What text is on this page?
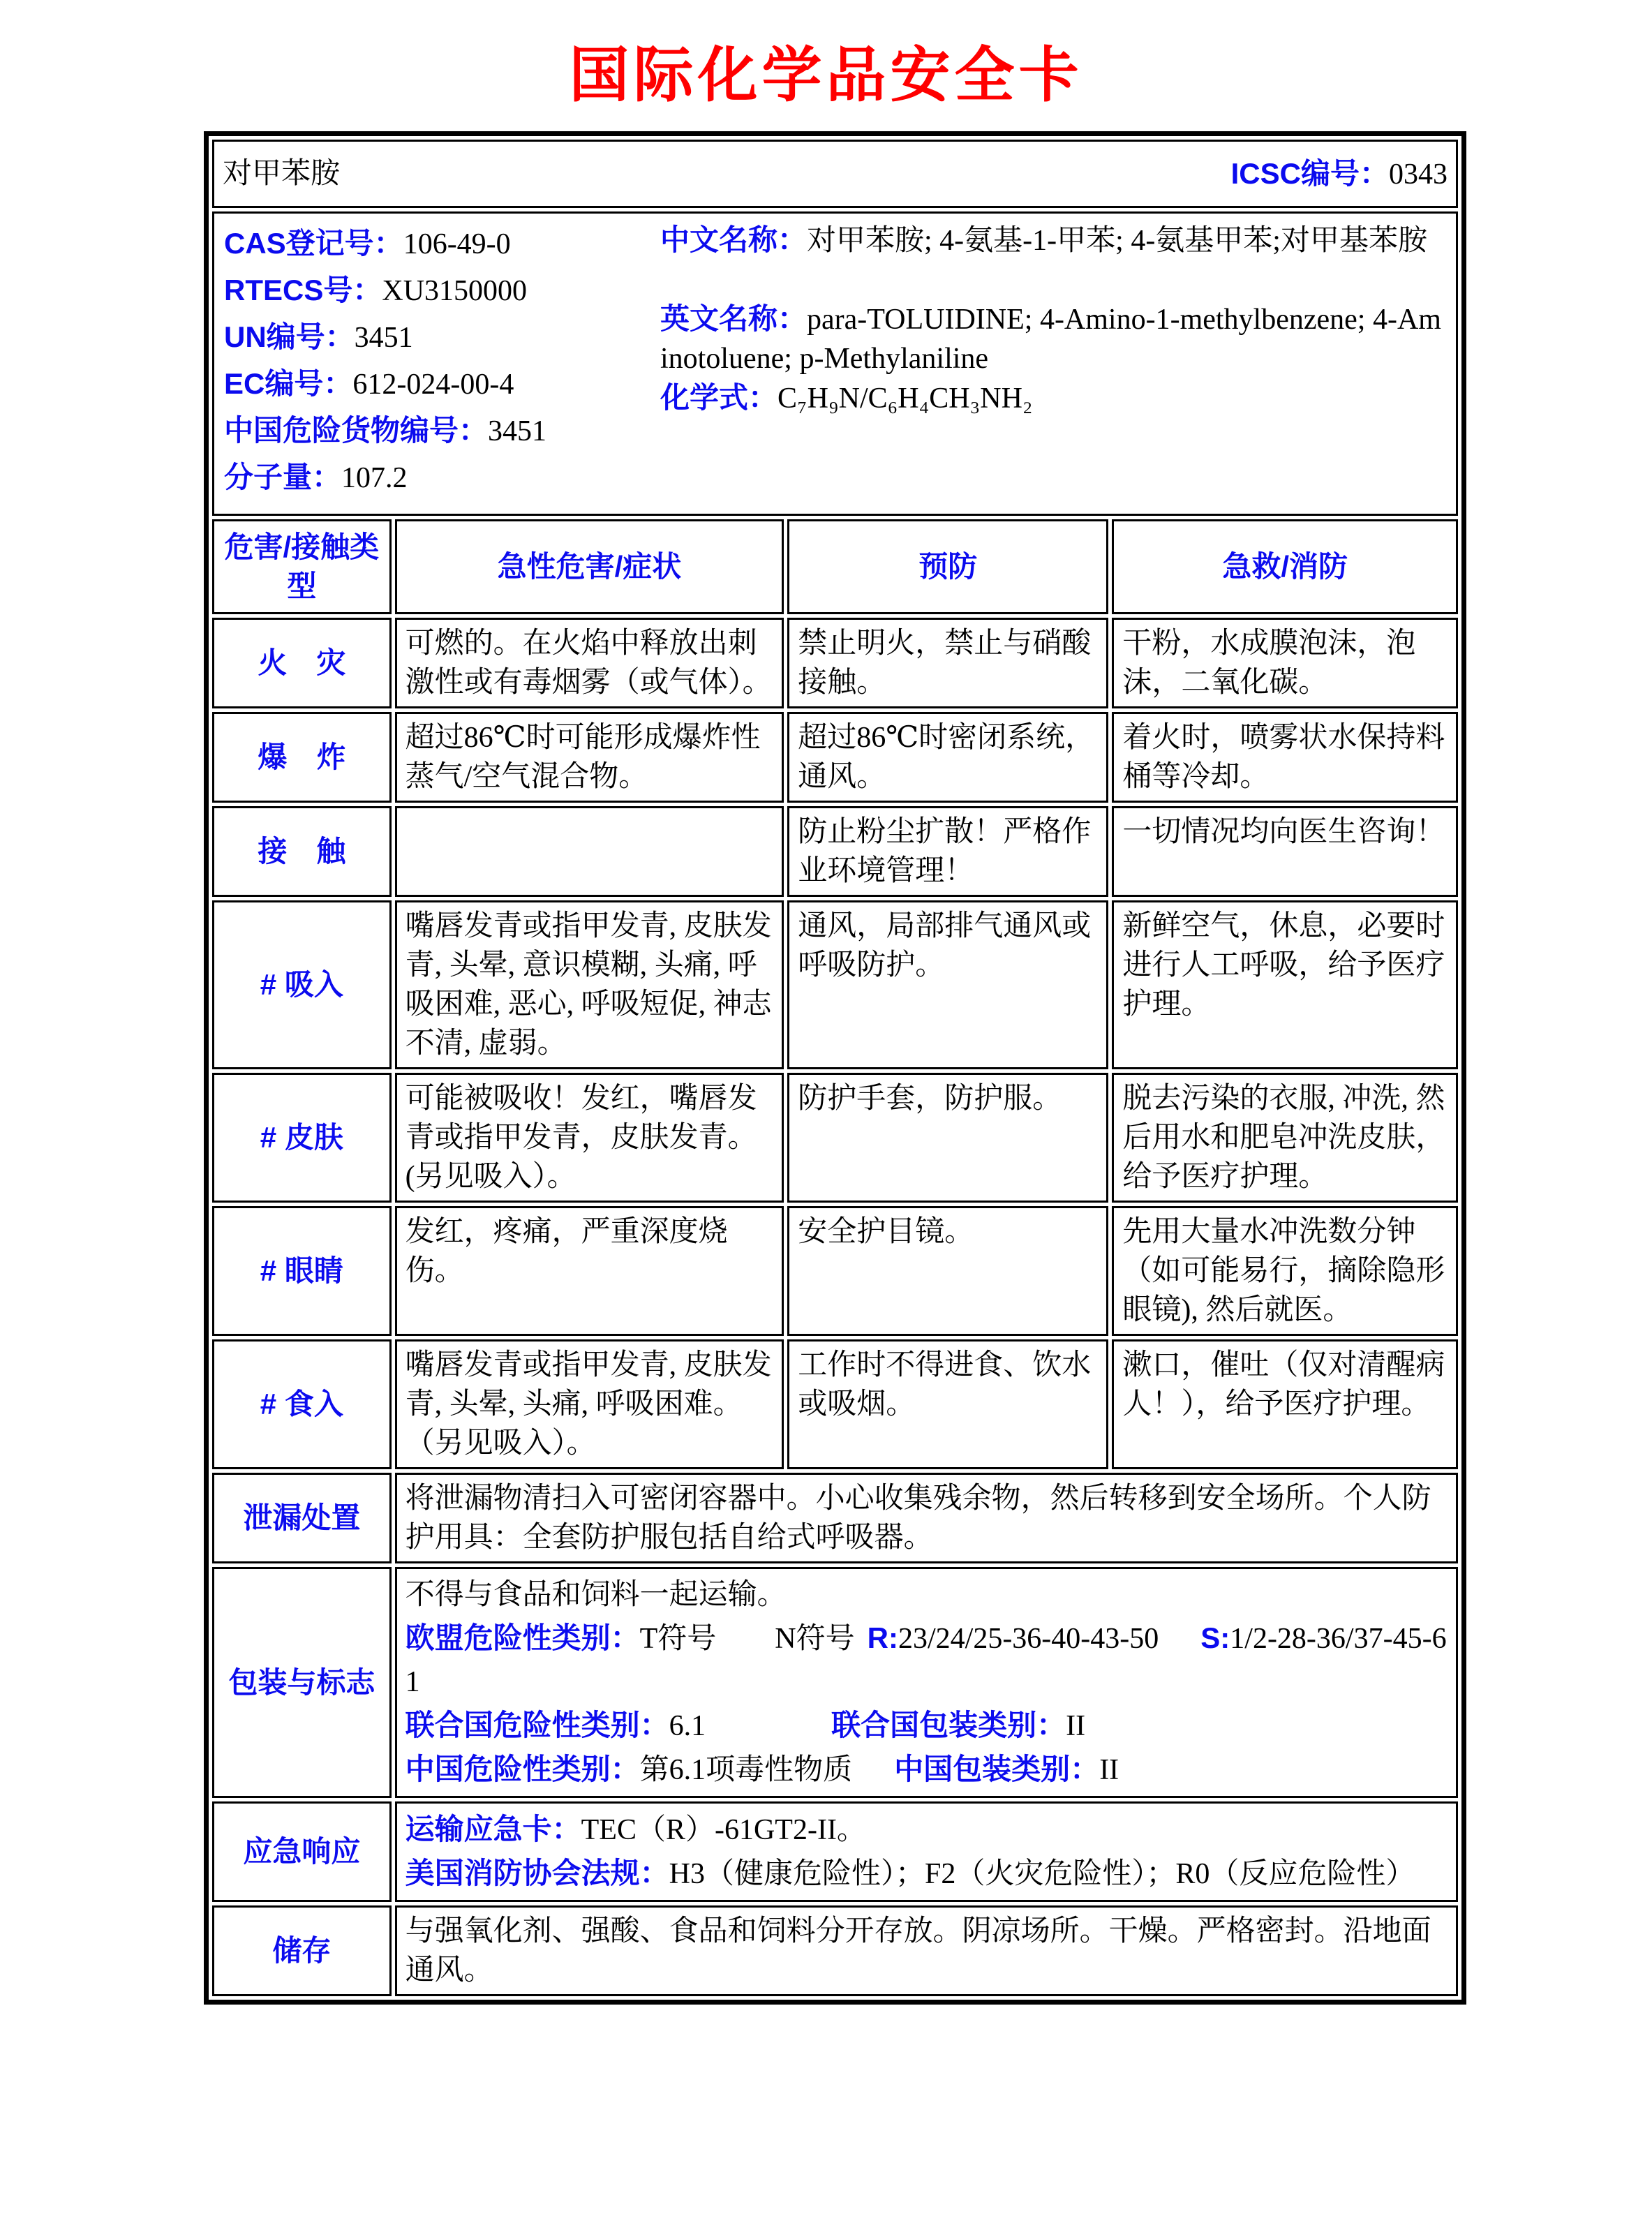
国际化学品安全卡
对甲苯胺 ICSC编号：0343			

CAS登记号：106-49-0
RTECS号：XU3150000
UN编号：3451
EC编号：612-024-00-4
中国危险货物编号：3451
分子量：107.2

中文名称：对甲苯胺; 4-氨基-1-甲苯; 4-氨基甲苯;对甲基苯胺

英文名称：para-TOLUIDINE; 4-Amino-1-methylbenzene; 4-Aminotoluene; p-Methylaniline

化学式：C₇H₉N/C₆H₄CH₃NH₂

危害/接触类型	急性危害/症状	预防	急救/消防
火　灾	可燃的。在火焰中释放出刺激性或有毒烟雾（或气体）。	禁止明火，禁止与硝酸接触。	干粉，水成膜泡沫，泡沫，二氧化碳。
爆　炸	超过86℃时可能形成爆炸性蒸气/空气混合物。	超过86℃时密闭系统，通风。	着火时，喷雾状水保持料桶等冷却。
接　触		防止粉尘扩散！严格作业环境管理！	一切情况均向医生咨询！
# 吸入	嘴唇发青或指甲发青, 皮肤发青, 头晕, 意识模糊, 头痛, 呼吸困难, 恶心, 呼吸短促, 神志不清, 虚弱。	通风，局部排气通风或呼吸防护。	新鲜空气，休息，必要时进行人工呼吸，给予医疗护理。
# 皮肤	可能被吸收！发红，嘴唇发青或指甲发青，皮肤发青。(另见吸入）。	防护手套，防护服。	脱去污染的衣服, 冲洗, 然后用水和肥皂冲洗皮肤，给予医疗护理。
# 眼睛	发红，疼痛，严重深度烧伤。	安全护目镜。	先用大量水冲洗数分钟（如可能易行，摘除隐形眼镜), 然后就医。
# 食入	嘴唇发青或指甲发青, 皮肤发青, 头晕, 头痛, 呼吸困难。（另见吸入）。	工作时不得进食、饮水或吸烟。	漱口，催吐（仅对清醒病人！），给予医疗护理。
泄漏处置	将泄漏物清扫入可密闭容器中。小心收集残余物，然后转移到安全场所。个人防护用具：全套防护服包括自给式呼吸器。		
包装与标志	不得与食品和饲料一起运输。

欧盟危险性类别：T符号　　N符号 R:23/24/25-36-40-43-50 S:1/2-28-36/37-45-61

联合国危险性类别：6.1 联合国包装类别：II

中国危险性类别：第6.1项毒性物质 中国包装类别：II		

应急响应	运输应急卡：TEC（R）-61GT2-II。

美国消防协会法规：H3（健康危险性）；F2（火灾危险性）；R0（反应危险性）		

储存	与强氧化剂、强酸、食品和饲料分开存放。阴凉场所。干燥。严格密封。沿地面通风。		
